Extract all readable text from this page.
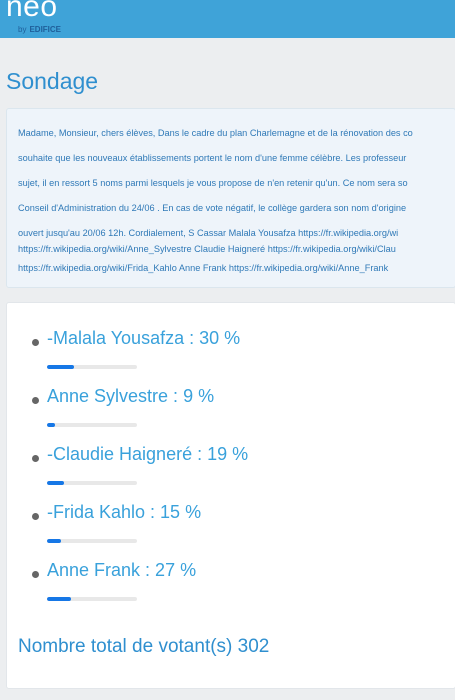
neo
by EDIFICE
Sondage
Madame, Monsieur, chers élèves, Dans le cadre du plan Charlemagne et de la rénovation des co
souhaite que les nouveaux établissements portent le nom d'une femme célèbre. Les professeur
sujet, il en ressort 5 noms parmi lesquels je vous propose de n'en retenir qu'un. Ce nom sera so
Conseil d'Administration du 24/06 . En cas de vote négatif, le collège gardera son nom d'origine
ouvert jusqu'au 20/06 12h. Cordialement, S Cassar Malala Yousafza https://fr.wikipedia.org/wi
https://fr.wikipedia.org/wiki/Anne_Sylvestre Claudie Haigneré https://fr.wikipedia.org/wiki/Clau
https://fr.wikipedia.org/wiki/Frida_Kahlo Anne Frank https://fr.wikipedia.org/wiki/Anne_Frank
-Malala Yousafza : 30 %
Anne Sylvestre : 9 %
-Claudie Haigneré : 19 %
-Frida Kahlo : 15 %
Anne Frank : 27 %
Nombre total de votant(s) 302
